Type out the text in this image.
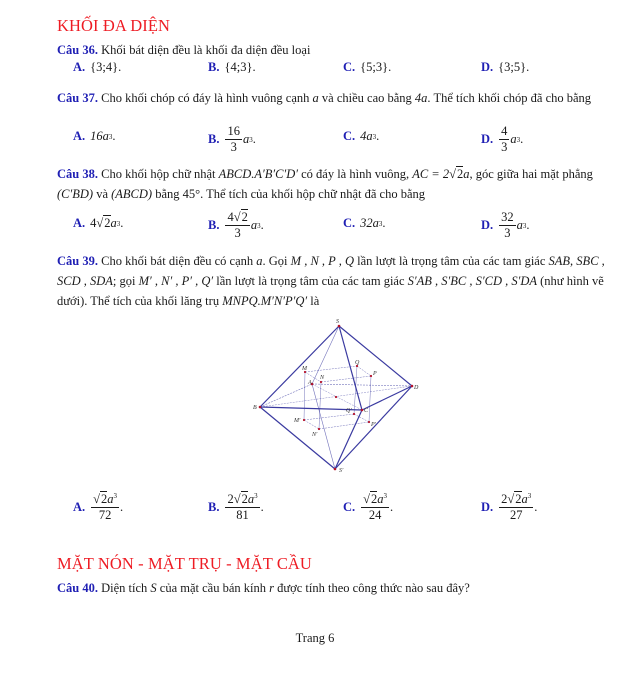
KHỐI ĐA DIỆN
Câu 36. Khối bát diện đều là khối đa diện đều loại
A. {3;4}.	B. {4;3}.	C. {5;3}.	D. {3;5}.
Câu 37. Cho khối chóp có đáy là hình vuông cạnh a và chiều cao bằng 4a. Thể tích khối chóp đã cho bằng
A. 16a 3 .	B. $\frac{16}{3}$ a 3 .	C. 4a 3 .	D. $\frac{4}{3}$ a 3 .
Câu 38. Cho khối hộp chữ nhật ABCD.A′B′C′D′ có đáy là hình vuông, AC = 2√2a, góc giữa hai mặt phẳng (C′BD) và (ABCD) bằng 45°. Thể tích của khối hộp chữ nhật đã cho bằng
A. 4 √2 a 3 .	B. $\frac{4√2}{3}$ a 3 .	C. 32a 3 .	D. $\frac{32}{3}$ a 3 .
Câu 39. Cho khối bát diện đều có cạnh a. Gọi M , N , P , Q lần lượt là trọng tâm của các tam giác SAB, SBC , SCD , SDA; gọi M′ , N′ , P′ , Q′ lần lượt là trọng tâm của các tam giác S′AB , S′BC , S′CD , S′DA (như hình vẽ dưới). Thể tích của khối lăng trụ MNPQ.M′N′P′Q′ là
S
S′
B
D
C
A
M
N
Q
P
M′
N′
Q′
P′
A. $\frac{√2a^3}{72}$ .	B. $\frac{2√2a^3}{81}$ .	C. $\frac{√2a^3}{24}$ .	D. $\frac{2√2a^3}{27}$ .
MẶT NÓN - MẶT TRỤ - MẶT CẦU
Câu 40. Diện tích S của mặt cầu bán kính r được tính theo công thức nào sau đây?
Trang 6
